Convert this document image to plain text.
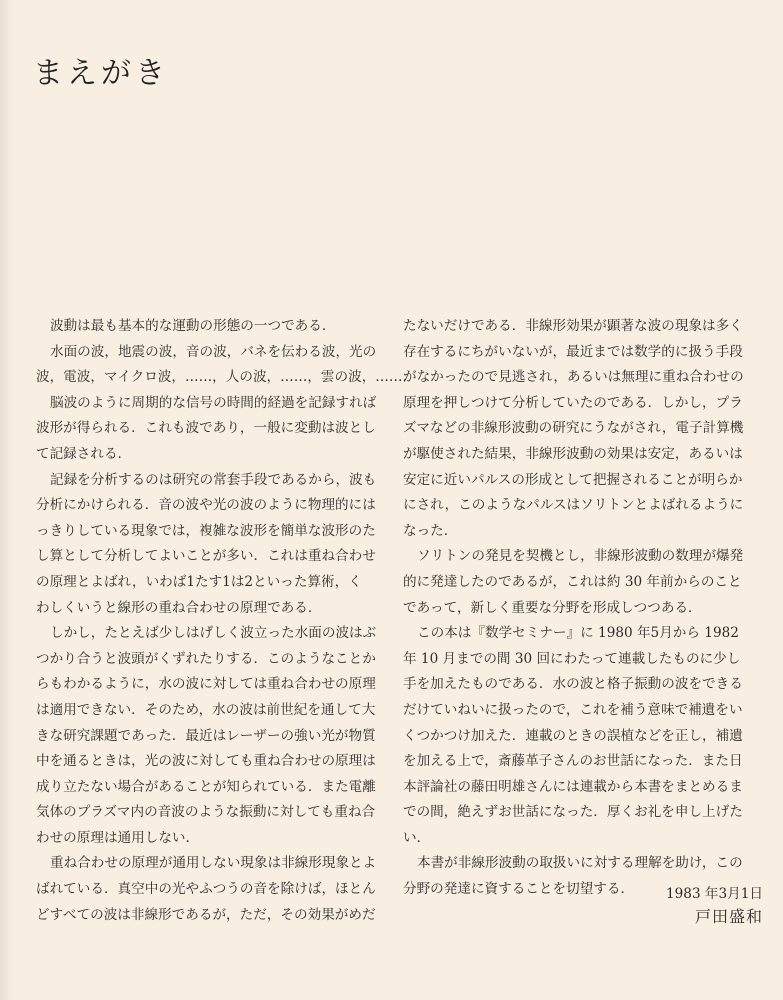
まえがき
波動は最も基本的な運動の形態の一つである．
水面の波，地震の波，音の波，バネを伝わる波，光の
波，電波，マイクロ波，……，人の波，……，雲の波，……．
脳波のように周期的な信号の時間的経過を記録すれば
波形が得られる．これも波であり，一般に変動は波とし
て記録される．
記録を分析するのは研究の常套手段であるから，波も
分析にかけられる．音の波や光の波のように物理的には
っきりしている現象では，複雑な波形を簡単な波形のた
し算として分析してよいことが多い．これは重ね合わせ
の原理とよばれ，いわば1たす1は2といった算術，く
わしくいうと線形の重ね合わせの原理である．
しかし，たとえば少しはげしく波立った水面の波はぶ
つかり合うと波頭がくずれたりする．このようなことか
らもわかるように，水の波に対しては重ね合わせの原理
は適用できない．そのため，水の波は前世紀を通して大
きな研究課題であった．最近はレーザーの強い光が物質
中を通るときは，光の波に対しても重ね合わせの原理は
成り立たない場合があることが知られている．また電離
気体のプラズマ内の音波のような振動に対しても重ね合
わせの原理は通用しない．
重ね合わせの原理が通用しない現象は非線形現象とよ
ばれている．真空中の光やふつうの音を除けば，ほとん
どすべての波は非線形であるが，ただ，その効果がめだ
たないだけである．非線形効果が顕著な波の現象は多く
存在するにちがいないが，最近までは数学的に扱う手段
がなかったので見逃され，あるいは無理に重ね合わせの
原理を押しつけて分析していたのである．しかし，プラ
ズマなどの非線形波動の研究にうながされ，電子計算機
が駆使された結果，非線形波動の効果は安定，あるいは
安定に近いパルスの形成として把握されることが明らか
にされ，このようなパルスはソリトンとよばれるように
なった．
ソリトンの発見を契機とし，非線形波動の数理が爆発
的に発達したのであるが，これは約 30 年前からのこと
であって，新しく重要な分野を形成しつつある．
この本は『数学セミナー』に 1980 年5月から 1982
年 10 月までの間 30 回にわたって連載したものに少し
手を加えたものである．水の波と格子振動の波をできる
だけていねいに扱ったので，これを補う意味で補遺をい
くつかつけ加えた．連載のときの誤植などを正し，補遺
を加える上で，斎藤革子さんのお世話になった．また日
本評論社の藤田明雄さんには連載から本書をまとめるま
での間，絶えずお世話になった．厚くお礼を申し上げた
い．
本書が非線形波動の取扱いに対する理解を助け，この
分野の発達に資することを切望する．	1983 年3月1日
戸田盛和
